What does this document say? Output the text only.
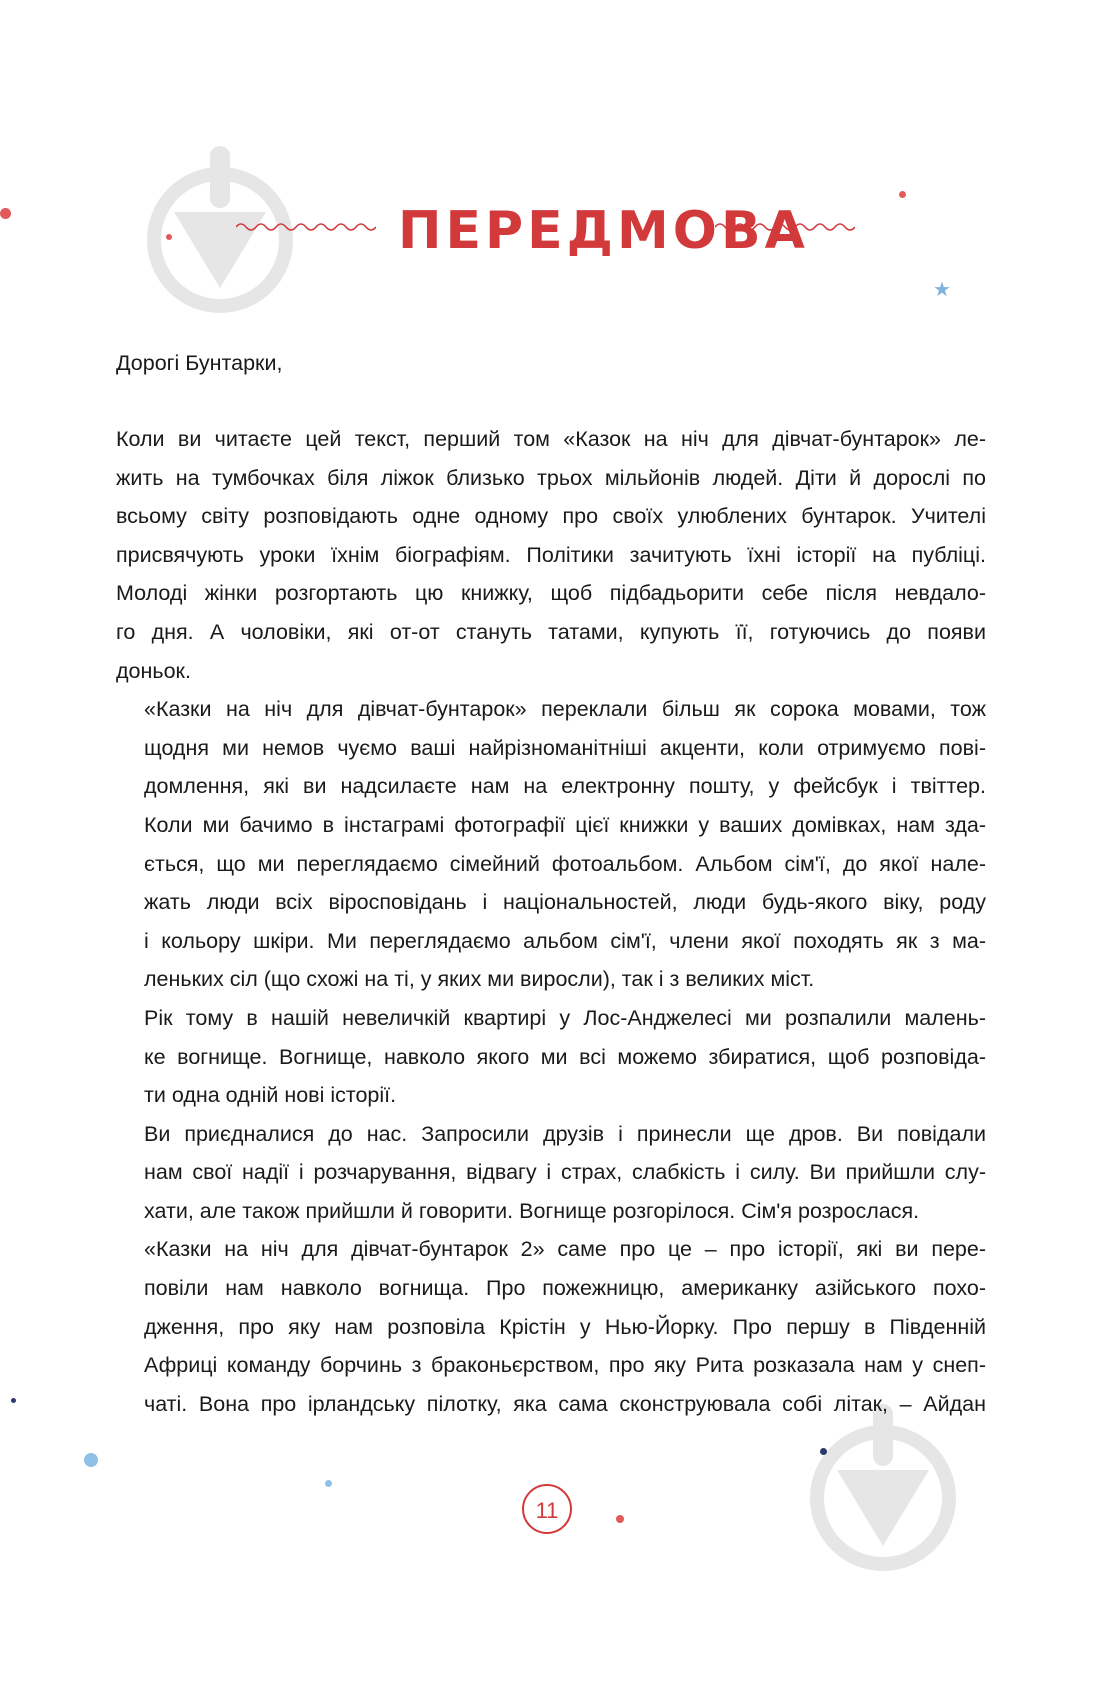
★
ПЕРЕДМОВА

Дорогі Бунтарки,

Коли ви читаєте цей текст, перший том «Казок на ніч для дівчат-бунтарок» ле-
жить на тумбочках біля ліжок близько трьох мільйонів людей. Діти й дорослі по
всьому світу розповідають одне одному про своїх улюблених бунтарок. Учителі
присвячують уроки їхнім біографіям. Політики зачитують їхні історії на публіці.
Молоді жінки розгортають цю книжку, щоб підбадьорити себе після невдало-
го дня. А чоловіки, які от-от стануть татами, купують її, готуючись до появи
доньок.

«Казки на ніч для дівчат-бунтарок» переклали більш як сорока мовами, тож
щодня ми немов чуємо ваші найрізноманітніші акценти, коли отримуємо пові-
домлення, які ви надсилаєте нам на електронну пошту, у фейсбук і твіттер.
Коли ми бачимо в інстаграмі фотографії цієї книжки у ваших домівках, нам зда-
ється, що ми переглядаємо сімейний фотоальбом. Альбом сім'ї, до якої нале-
жать люди всіх віросповідань і національностей, люди будь-якого віку, роду
і кольору шкіри. Ми переглядаємо альбом сім'ї, члени якої походять як з ма-
леньких сіл (що схожі на ті, у яких ми виросли), так і з великих міст.

Рік тому в нашій невеличкій квартирі у Лос-Анджелесі ми розпалили малень-
ке вогнище. Вогнище, навколо якого ми всі можемо збиратися, щоб розповіда-
ти одна одній нові історії.

Ви приєдналися до нас. Запросили друзів і принесли ще дров. Ви повідали
нам свої надії і розчарування, відвагу і страх, слабкість і силу. Ви прийшли слу-
хати, але також прийшли й говорити. Вогнище розгорілося. Сім'я розрослася.

«Казки на ніч для дівчат-бунтарок 2» саме про це – про історії, які ви пере-
повіли нам навколо вогнища. Про пожежницю, американку азійського похо-
дження, про яку нам розповіла Крістін у Нью-Йорку. Про першу в Південній
Африці команду борчинь з браконьєрством, про яку Рита розказала нам у снеп-
чаті. Вона про ірландську пілотку, яка сама сконструювала собі літак, – Айдан

11
